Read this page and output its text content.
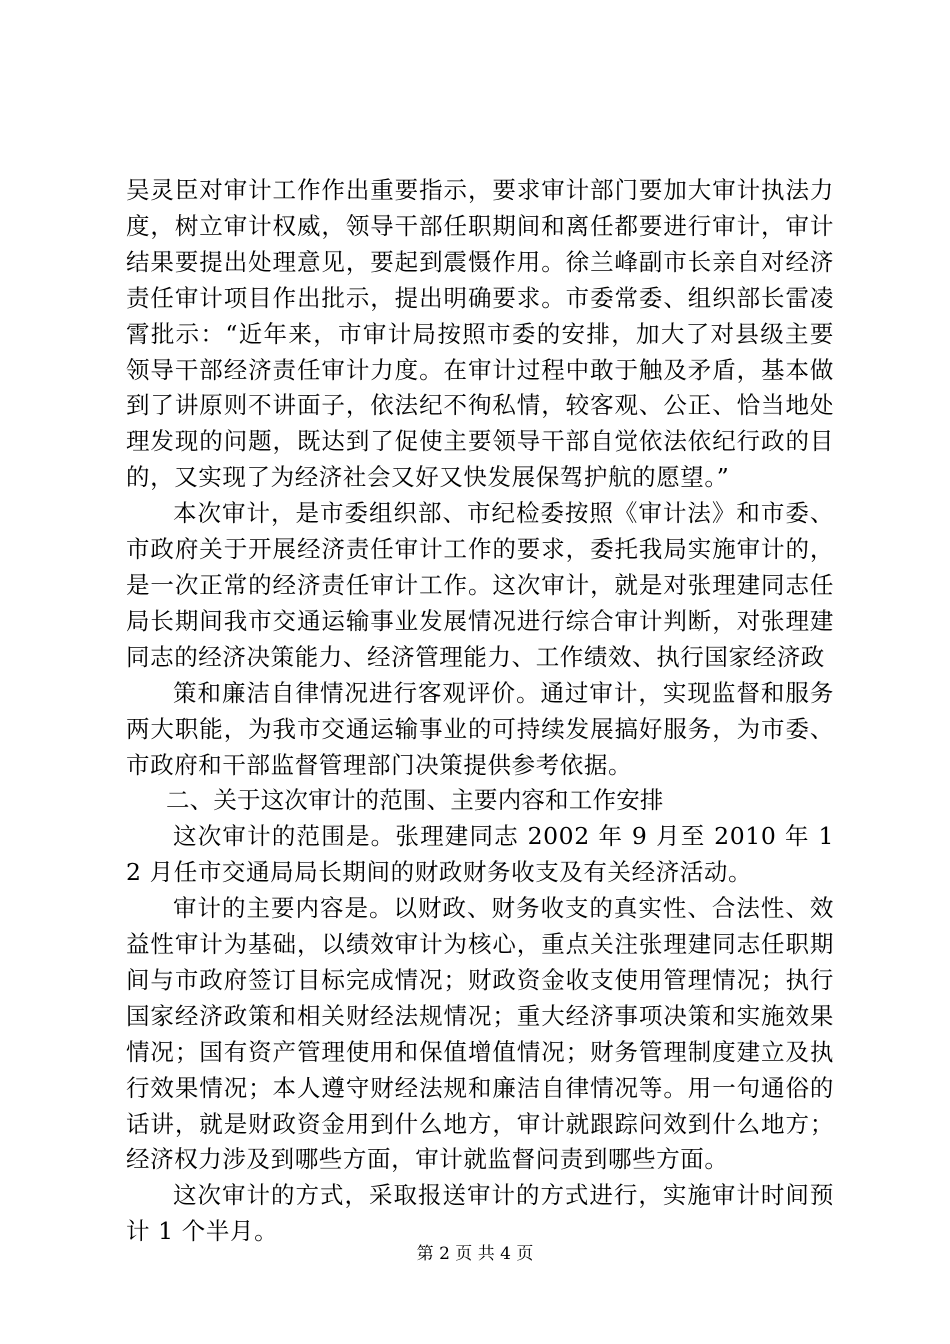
吴灵臣对审计工作作出重要指示，要求审计部门要加大审计执法力度，树立审计权威，领导干部任职期间和离任都要进行审计，审计结果要提出处理意见，要起到震慑作用。徐兰峰副市长亲自对经济责任审计项目作出批示，提出明确要求。市委常委、组织部长雷凌霄批示：“近年来，市审计局按照市委的安排，加大了对县级主要领导干部经济责任审计力度。在审计过程中敢于触及矛盾，基本做到了讲原则不讲面子，依法纪不徇私情，较客观、公正、恰当地处理发现的问题，既达到了促使主要领导干部自觉依法依纪行政的目的，又实现了为经济社会又好又快发展保驾护航的愿望。”

本次审计，是市委组织部、市纪检委按照《审计法》和市委、市政府关于开展经济责任审计工作的要求，委托我局实施审计的，是一次正常的经济责任审计工作。这次审计，就是对张理建同志任局长期间我市交通运输事业发展情况进行综合审计判断，对张理建同志的经济决策能力、经济管理能力、工作绩效、执行国家经济政

策和廉洁自律情况进行客观评价。通过审计，实现监督和服务两大职能，为我市交通运输事业的可持续发展搞好服务，为市委、市政府和干部监督管理部门决策提供参考依据。

二、关于这次审计的范围、主要内容和工作安排

这次审计的范围是。张理建同志 2002 年 9 月至 2010 年 12 月任市交通局局长期间的财政财务收支及有关经济活动。

审计的主要内容是。以财政、财务收支的真实性、合法性、效益性审计为基础，以绩效审计为核心，重点关注张理建同志任职期间与市政府签订目标完成情况；财政资金收支使用管理情况；执行国家经济政策和相关财经法规情况；重大经济事项决策和实施效果情况；国有资产管理使用和保值增值情况；财务管理制度建立及执行效果情况；本人遵守财经法规和廉洁自律情况等。用一句通俗的话讲，就是财政资金用到什么地方，审计就跟踪问效到什么地方；经济权力涉及到哪些方面，审计就监督问责到哪些方面。

这次审计的方式，采取报送审计的方式进行，实施审计时间预计 1 个半月。

第 2 页 共 4 页
